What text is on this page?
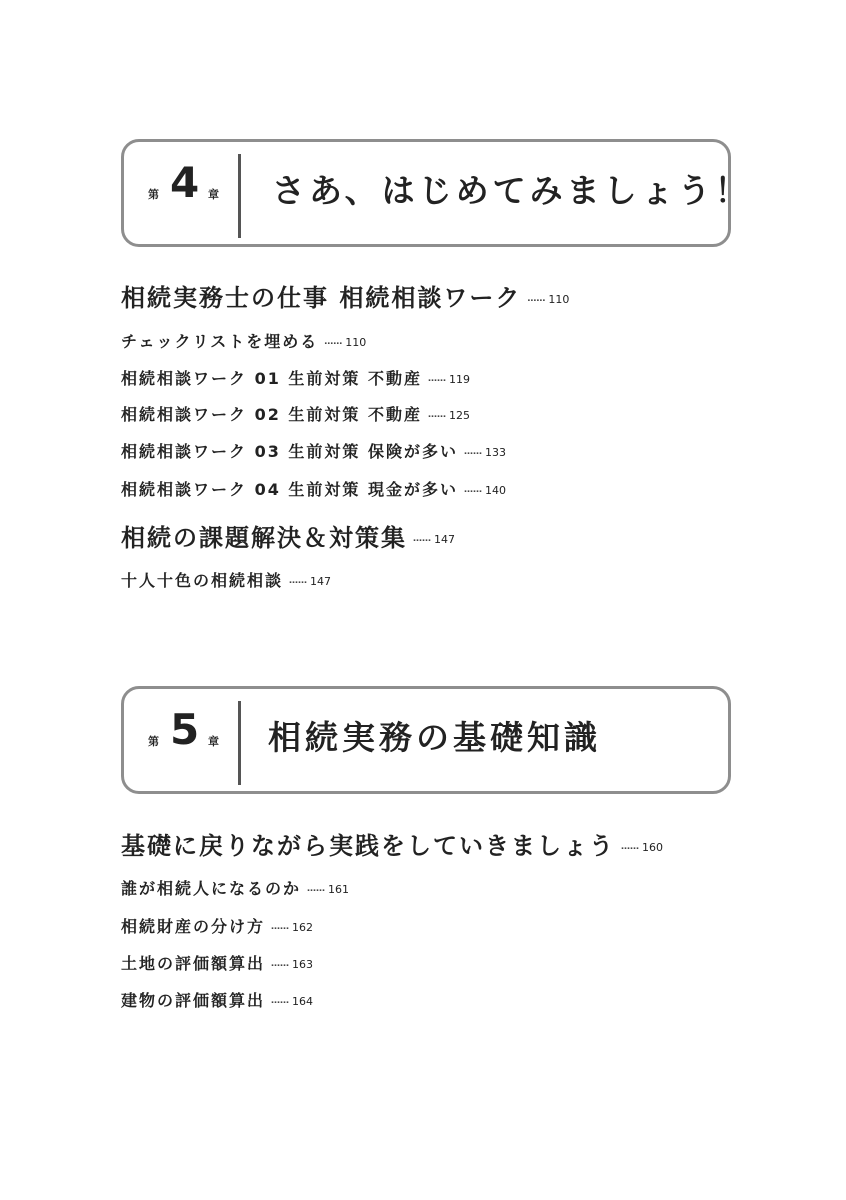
第 4 章 さあ、はじめてみましょう！
相続実務士の仕事 相続相談ワーク …… 110
チェックリストを埋める …… 110
相続相談ワーク 01 生前対策 不動産 …… 119
相続相談ワーク 02 生前対策 不動産 …… 125
相続相談ワーク 03 生前対策 保険が多い …… 133
相続相談ワーク 04 生前対策 現金が多い …… 140
相続の課題解決＆対策集 …… 147
十人十色の相続相談 …… 147
第 5 章 相続実務の基礎知識
基礎に戻りながら実践をしていきましょう …… 160
誰が相続人になるのか …… 161
相続財産の分け方 …… 162
土地の評価額算出 …… 163
建物の評価額算出 …… 164
